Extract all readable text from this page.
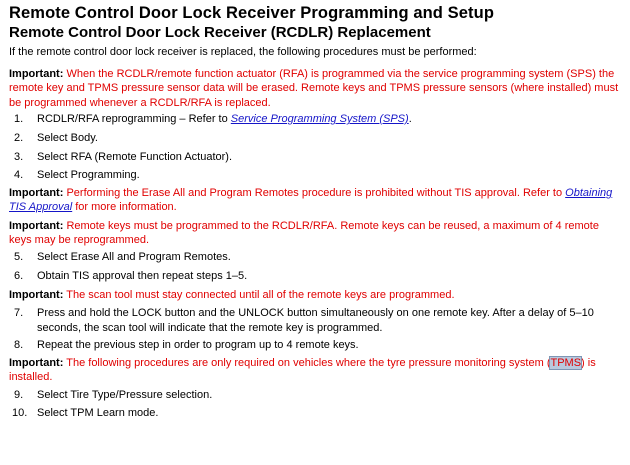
Remote Control Door Lock Receiver Programming and Setup
Remote Control Door Lock Receiver (RCDLR) Replacement
If the remote control door lock receiver is replaced, the following procedures must be performed:
Important: When the RCDLR/remote function actuator (RFA) is programmed via the service programming system (SPS) the remote key and TPMS pressure sensor data will be erased. Remote keys and TPMS pressure sensors (where installed) must be programmed whenever a RCDLR/RFA is replaced.
1.	RCDLR/RFA reprogramming – Refer to Service Programming System (SPS).
2.	Select Body.
3.	Select RFA (Remote Function Actuator).
4.	Select Programming.
Important: Performing the Erase All and Program Remotes procedure is prohibited without TIS approval. Refer to Obtaining TIS Approval for more information.
Important: Remote keys must be programmed to the RCDLR/RFA. Remote keys can be reused, a maximum of 4 remote keys may be reprogrammed.
5.	Select Erase All and Program Remotes.
6.	Obtain TIS approval then repeat steps 1–5.
Important: The scan tool must stay connected until all of the remote keys are programmed.
7.	Press and hold the LOCK button and the UNLOCK button simultaneously on one remote key. After a delay of 5–10 seconds, the scan tool will indicate that the remote key is programmed.
8.	Repeat the previous step in order to program up to 4 remote keys.
Important: The following procedures are only required on vehicles where the tyre pressure monitoring system (TPMS) is installed.
9.	Select Tire Type/Pressure selection.
10. Select TPM Learn mode.
